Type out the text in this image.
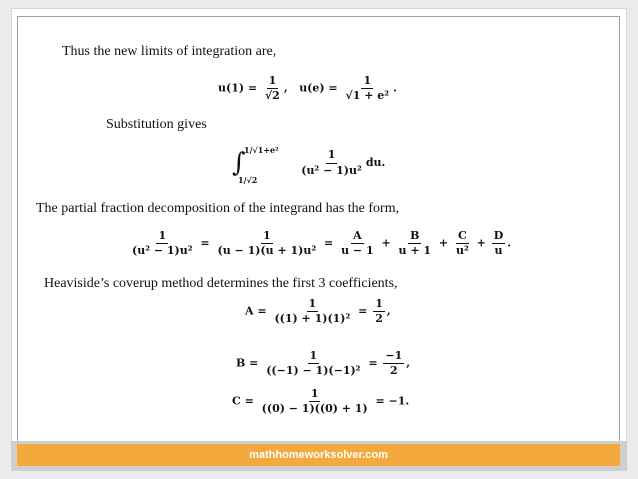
Thus the new limits of integration are,
$u(1) = \frac{1}{√2}$ , $u(e) = \frac{1}{\text{√1 + e²}}$ .
Substitution gives
∫
1/√1+e²
1/√2

$\frac{1}{\text{(u² − 1)u²}}$ du.
The partial fraction decomposition of the integrand has the form,
$\frac{1}{\text{(u² − 1)u²}} = \frac{1}{\text{(u − 1)(u + 1)u²}} = \frac{A}{u - 1} + \frac{B}{u + 1} + \frac{C}{\text{u²}} + \frac{D}{u}$ .
Heaviside’s coverup method determines the first 3 coefficients,
$A = \frac{1}{\text{((1) + 1)(1)²}} = \frac{1}{2}$ ,
$B = \frac{1}{\text{((−1) − 1)(−1)²}} = \frac{-1}{2}$ ,
$C = \frac{1}{((0) - 1)((0) + 1)} = -1$.
mathhomeworksolver.com
